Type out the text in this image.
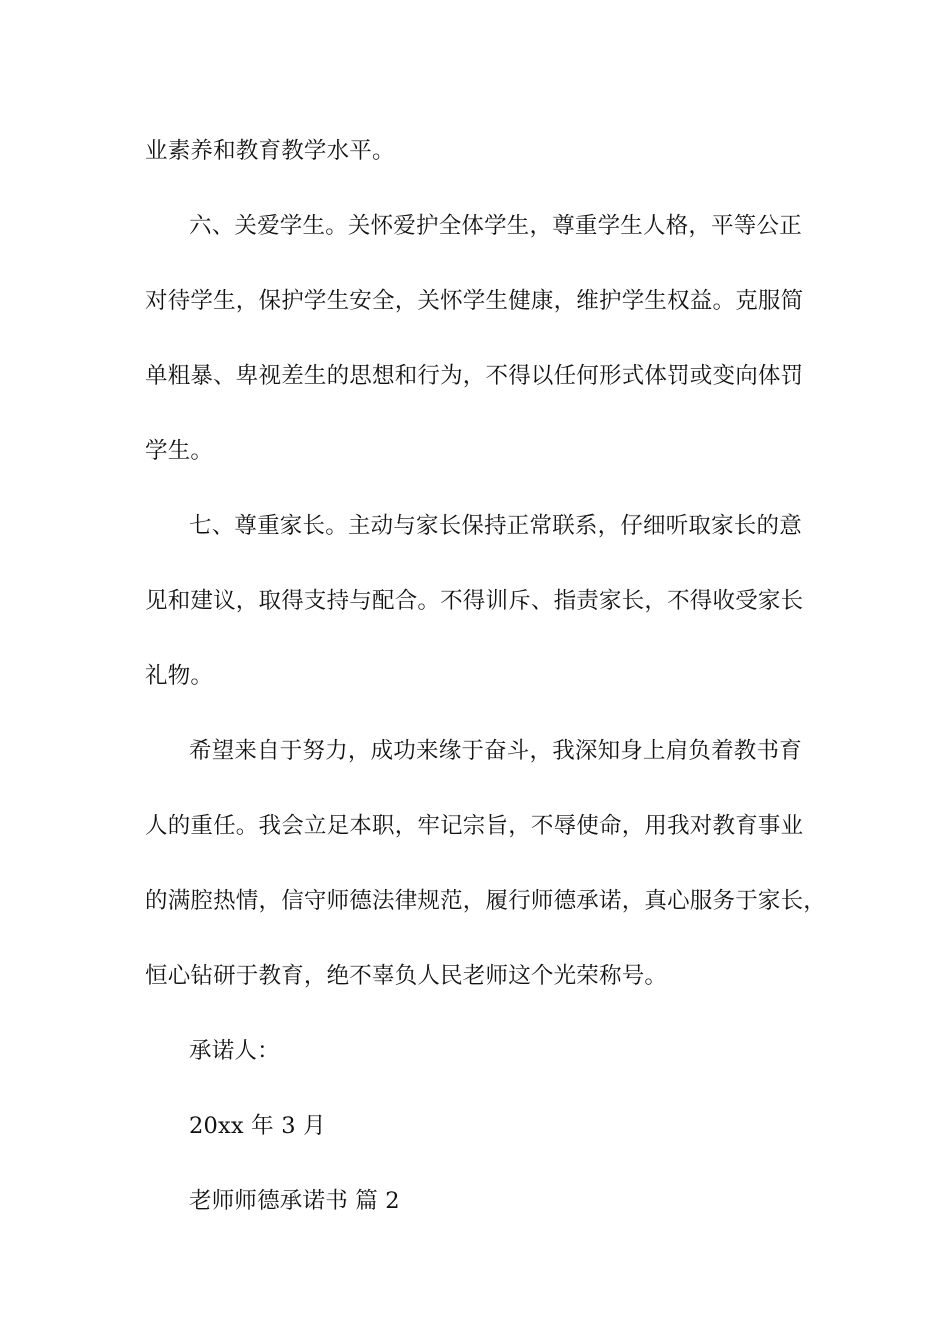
业素养和教育教学水平。
六、关爱学生。关怀爱护全体学生，尊重学生人格，平等公正
对待学生，保护学生安全，关怀学生健康，维护学生权益。克服简
单粗暴、卑视差生的思想和行为，不得以任何形式体罚或变向体罚
学生。
七、尊重家长。主动与家长保持正常联系，仔细听取家长的意
见和建议，取得支持与配合。不得训斥、指责家长，不得收受家长
礼物。
希望来自于努力，成功来缘于奋斗，我深知身上肩负着教书育
人的重任。我会立足本职，牢记宗旨，不辱使命，用我对教育事业
的满腔热情，信守师德法律规范，履行师德承诺，真心服务于家长，
恒心钻研于教育，绝不辜负人民老师这个光荣称号。
承诺人：
20xx 年 3 月
老师师德承诺书 篇 2
